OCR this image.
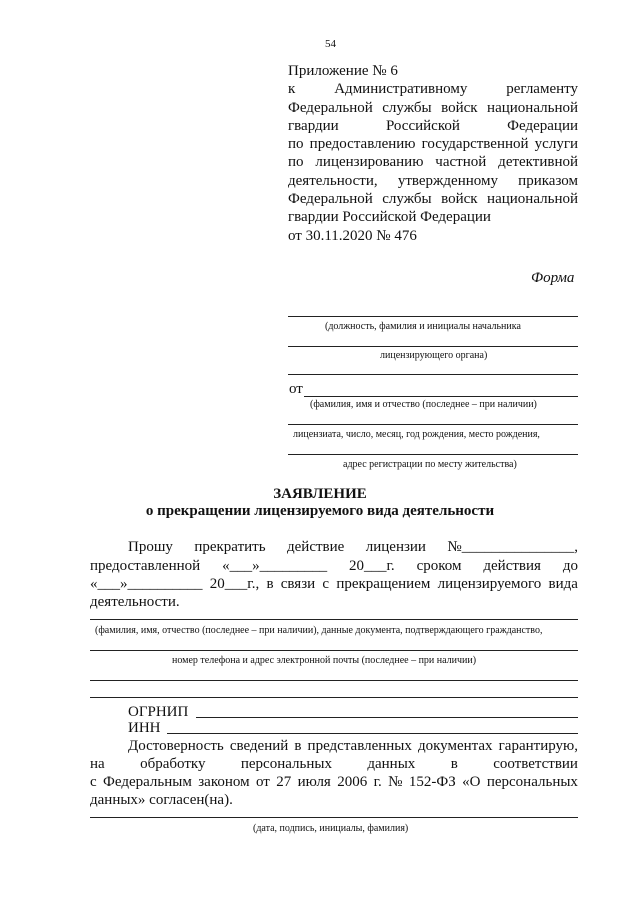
54
Приложение № 6
к Административному регламенту
Федеральной службы войск национальной
гвардии Российской Федерации
по предоставлению государственной услуги
по лицензированию частной детективной
деятельности, утвержденному приказом
Федеральной службы войск национальной
гвардии Российской Федерации
от 30.11.2020 № 476
Форма
(должность, фамилия и инициалы начальника
лицензирующего органа)
от
(фамилия, имя и отчество (последнее – при наличии)
лицензиата, число, месяц, год рождения, место рождения,
адрес регистрации по месту жительства)
ЗАЯВЛЕНИЕ
о прекращении лицензируемого вида деятельности
Прошу прекратить действие лицензии №_______________,
предоставленной «___»_________ 20___г. сроком действия до
«___»__________ 20___г., в связи с прекращением лицензируемого вида
деятельности.
(фамилия, имя, отчество (последнее – при наличии), данные документа, подтверждающего гражданство,
номер телефона и адрес электронной почты (последнее – при наличии)
ОГРНИП
ИНН
Достоверность сведений в представленных документах гарантирую,
на обработку персональных данных в соответствии
с Федеральным законом от 27 июля 2006 г. № 152-ФЗ «О персональных
данных» согласен(на).
(дата, подпись, инициалы, фамилия)
